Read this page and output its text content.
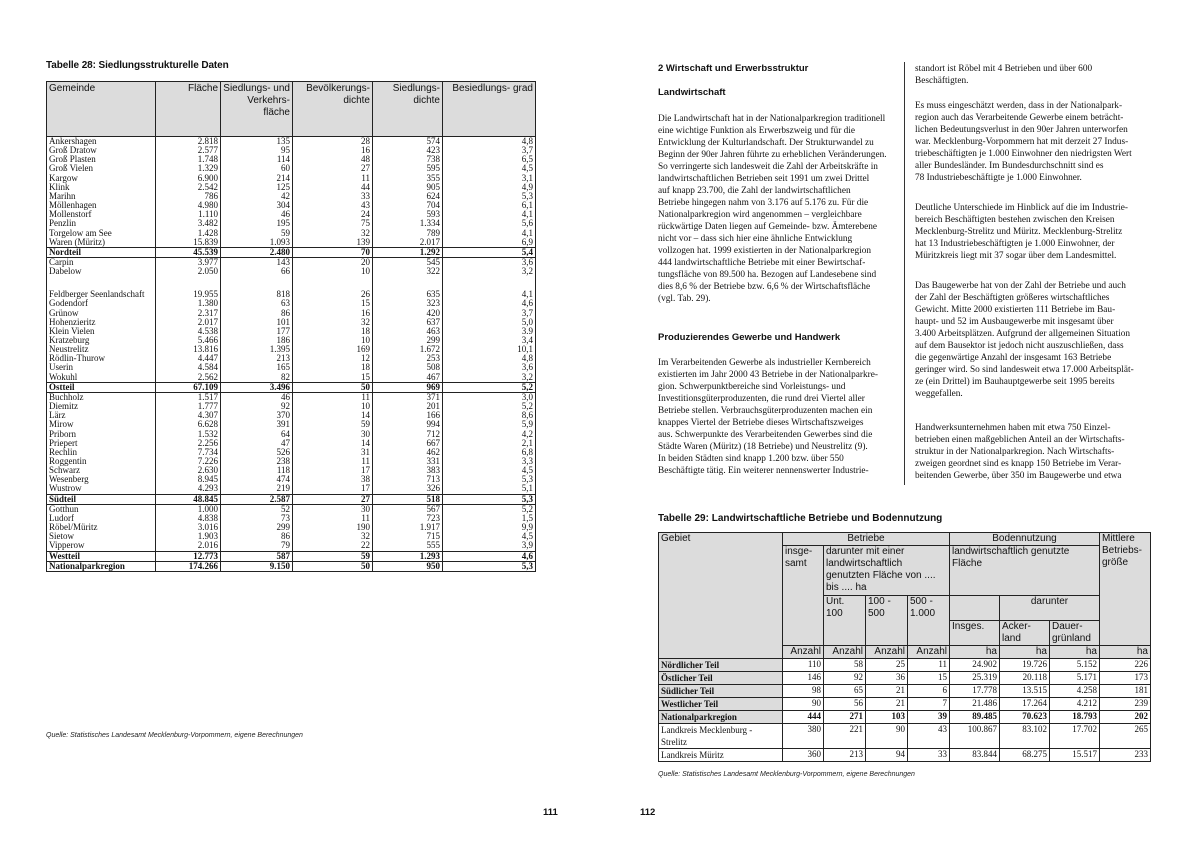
Tabelle 28: Siedlungsstrukturelle Daten
Gemeinde	Fläche	Siedlungs- und Verkehrs- fläche	Bevölkerungs- dichte	Siedlungs- dichte	Besiedlungs- grad
Ankershagen	2.818	135	28	574	4,8
Groß Dratow	2.577	95	16	423	3,7
Groß Plasten	1.748	114	48	738	6,5
Groß Vielen	1.329	60	27	595	4,5
Kargow	6.900	214	11	355	3,1
Klink	2.542	125	44	905	4,9
Marihn	786	42	33	624	5,3
Möllenhagen	4.980	304	43	704	6,1
Mollenstorf	1.110	46	24	593	4,1
Penzlin	3.482	195	75	1.334	5,6
Torgelow am See	1.428	59	32	789	4,1
Waren (Müritz)	15.839	1.093	139	2.017	6,9
Nordteil	45.539	2.480	70	1.292	5,4
Carpin	3.977	143	20	545	3,6
Dabelow	2.050	66	10	322	3,2
Feldberger Seenlandschaft	19.955	818	26	635	4,1
Godendorf	1.380	63	15	323	4,6
Grünow	2.317	86	16	420	3,7
Hohenzieritz	2.017	101	32	637	5,0
Klein Vielen	4.538	177	18	463	3.9
Kratzeburg	5.466	186	10	299	3,4
Neustrelitz	13.816	1.395	169	1.672	10,1
Rödlin-Thurow	4.447	213	12	253	4,8
Userin	4.584	165	18	508	3,6
Wokuhl	2.562	82	15	467	3,2
Ostteil	67.109	3.496	50	969	5,2
Buchholz	1.517	46	11	371	3,0
Diemitz	1.777	92	10	201	5,2
Lärz	4.307	370	14	166	8,6
Mirow	6.628	391	59	994	5,9
Priborn	1.532	64	30	712	4,2
Priepert	2.256	47	14	667	2,1
Rechlin	7.734	526	31	462	6,8
Roggentin	7.226	238	11	331	3,3
Schwarz	2.630	118	17	383	4,5
Wesenberg	8.945	474	38	713	5,3
Wustrow	4.293	219	17	326	5,1
Südteil	48.845	2.587	27	518	5,3
Gotthun	1.000	52	30	567	5,2
Ludorf	4.838	73	11	723	1,5
Röbel/Müritz	3.016	299	190	1.917	9,9
Sietow	1.903	86	32	715	4,5
Vipperow	2.016	79	22	555	3,9
Westteil	12.773	587	59	1.293	4,6
Nationalparkregion	174.266	9.150	50	950	5,3
Quelle: Statistisches Landesamt Mecklenburg-Vorpommern, eigene Berechnungen
2 Wirtschaft und Erwerbsstruktur
Landwirtschaft
Die Landwirtschaft hat in der Nationalparkregion traditionell
eine wichtige Funktion als Erwerbszweig und für die
Entwicklung der Kulturlandschaft. Der Strukturwandel zu
Beginn der 90er Jahren führte zu erheblichen Veränderungen.
So verringerte sich landesweit die Zahl der Arbeitskräfte in
landwirtschaftlichen Betrieben seit 1991 um zwei Drittel
auf knapp 23.700, die Zahl der landwirtschaftlichen
Betriebe hingegen nahm von 3.176 auf 5.176 zu. Für die
Nationalparkregion wird angenommen – vergleichbare
rückwärtige Daten liegen auf Gemeinde- bzw. Ämterebene
nicht vor – dass sich hier eine ähnliche Entwicklung
vollzogen hat. 1999 existierten in der Nationalparkregion
444 landwirtschaftliche Betriebe mit einer Bewirtschaf-
tungsfläche von 89.500 ha. Bezogen auf Landesebene sind
dies 8,6 % der Betriebe bzw. 6,6 % der Wirtschaftsfläche
(vgl. Tab. 29).
Produzierendes Gewerbe und Handwerk
Im Verarbeitenden Gewerbe als industrieller Kernbereich
existierten im Jahr 2000 43 Betriebe in der Nationalparkre-
gion. Schwerpunktbereiche sind Vorleistungs- und
Investitionsgüterproduzenten, die rund drei Viertel aller
Betriebe stellen. Verbrauchsgüterproduzenten machen ein
knappes Viertel der Betriebe dieses Wirtschaftszweiges
aus. Schwerpunkte des Verarbeitenden Gewerbes sind die
Städte Waren (Müritz) (18 Betriebe) und Neustrelitz (9).
In beiden Städten sind knapp 1.200 bzw. über 550
Beschäftigte tätig. Ein weiterer nennenswerter Industrie-
standort ist Röbel mit 4 Betrieben und über 600
Beschäftigten.
Es muss eingeschätzt werden, dass in der Nationalpark-
region auch das Verarbeitende Gewerbe einem beträcht-
lichen Bedeutungsverlust in den 90er Jahren unterworfen
war. Mecklenburg-Vorpommern hat mit derzeit 27 Indus-
triebeschäftigten je 1.000 Einwohner den niedrigsten Wert
aller Bundesländer. Im Bundesdurchschnitt sind es
78 Industriebeschäftigte je 1.000 Einwohner.
Deutliche Unterschiede im Hinblick auf die im Industrie-
bereich Beschäftigten bestehen zwischen den Kreisen
Mecklenburg-Strelitz und Müritz. Mecklenburg-Strelitz
hat 13 Industriebeschäftigten je 1.000 Einwohner, der
Müritzkreis liegt mit 37 sogar über dem Landesmittel.
Das Baugewerbe hat von der Zahl der Betriebe und auch
der Zahl der Beschäftigten größeres wirtschaftliches
Gewicht. Mitte 2000 existierten 111 Betriebe im Bau-
haupt- und 52 im Ausbaugewerbe mit insgesamt über
3.400 Arbeitsplätzen. Aufgrund der allgemeinen Situation
auf dem Bausektor ist jedoch nicht auszuschließen, dass
die gegenwärtige Anzahl der insgesamt 163 Betriebe
geringer wird. So sind landesweit etwa 17.000 Arbeitsplät-
ze (ein Drittel) im Bauhauptgewerbe seit 1995 bereits
weggefallen.
Handwerksunternehmen haben mit etwa 750 Einzel-
betrieben einen maßgeblichen Anteil an der Wirtschafts-
struktur in der Nationalparkregion. Nach Wirtschafts-
zweigen geordnet sind es knapp 150 Betriebe im Verar-
beitenden Gewerbe, über 350 im Baugewerbe und etwa
Tabelle 29: Landwirtschaftliche Betriebe und Bodennutzung
Gebiet	Betriebe				Bodennutzung			Mittlere Betriebs- größe
	insge- samt	darunter mit einer landwirtschaftlich genutzten Fläche von .... bis .... ha			landwirtschaftlich genutzte Fläche			
		Unt. 100	100 - 500	500 - 1.000		darunter		
					Insges.	Acker- land	Dauer- grünland	
	Anzahl	Anzahl	Anzahl	Anzahl	ha	ha	ha	ha
Nördlicher Teil	110	58	25	11	24.902	19.726	5.152	226
Östlicher Teil	146	92	36	15	25.319	20.118	5.171	173
Südlicher Teil	98	65	21	6	17.778	13.515	4.258	181
Westlicher Teil	90	56	21	7	21.486	17.264	4.212	239
Nationalparkregion	444	271	103	39	89.485	70.623	18.793	202
Landkreis Mecklenburg - Strelitz	380	221	90	43	100.867	83.102	17.702	265
Landkreis Müritz	360	213	94	33	83.844	68.275	15.517	233
Quelle: Statistisches Landesamt Mecklenburg-Vorpommern, eigene Berechnungen
111	112
